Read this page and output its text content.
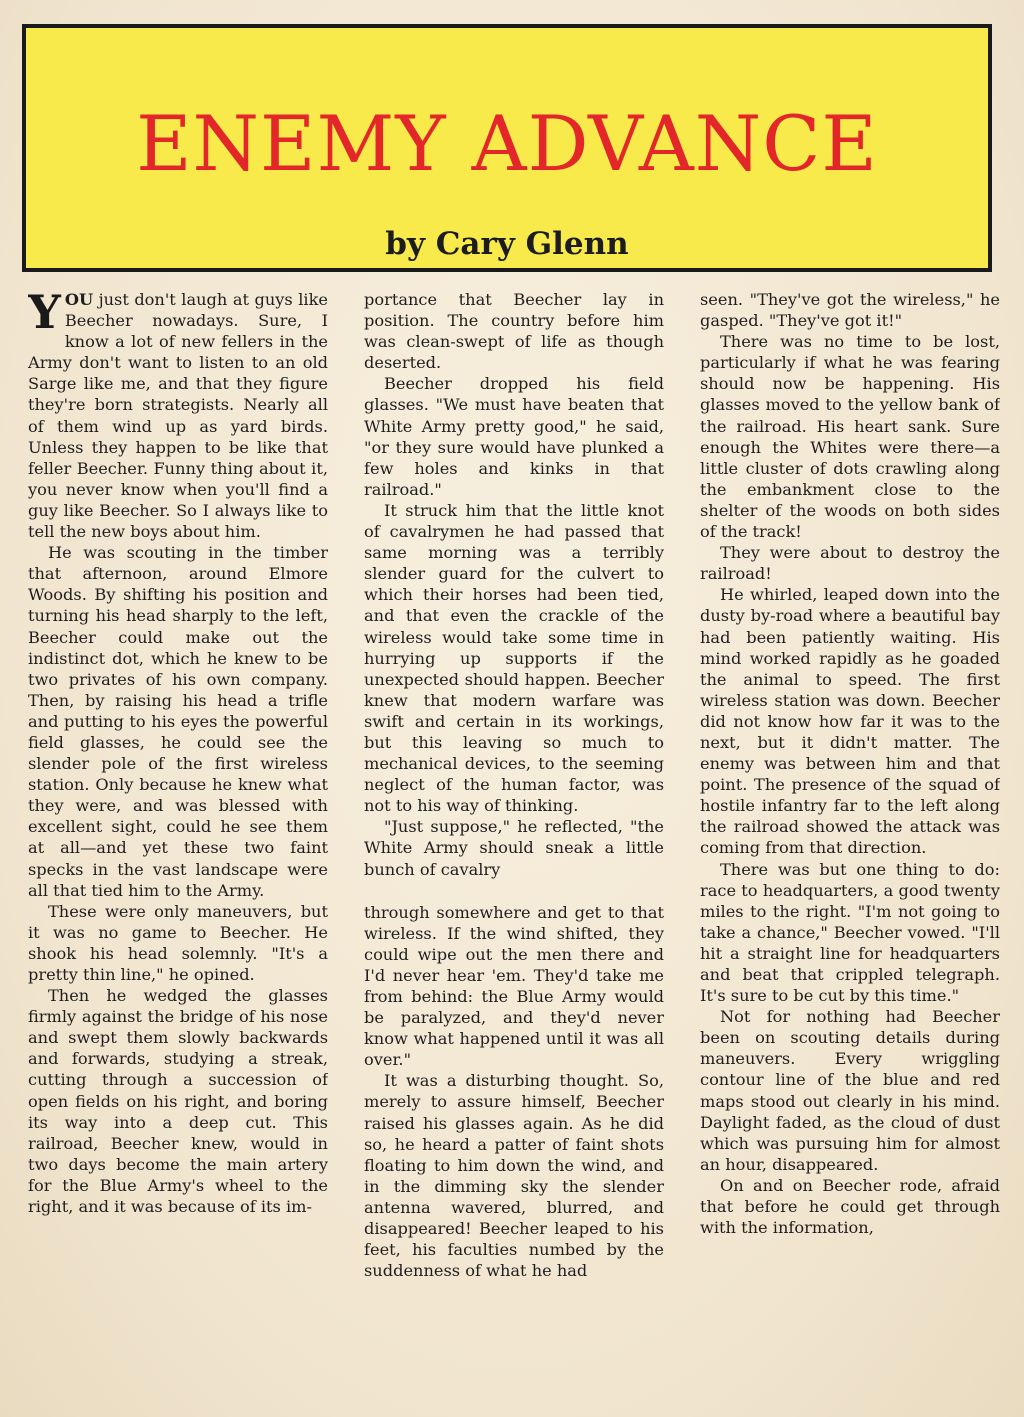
ENEMY ADVANCE
by Cary Glenn

YOU just don't laugh at guys like Beecher nowadays. Sure, I know a lot of new fellers in the Army don't want to listen to an old Sarge like me, and that they figure they're born strategists. Nearly all of them wind up as yard birds. Unless they happen to be like that feller Beecher. Funny thing about it, you never know when you'll find a guy like Beecher. So I always like to tell the new boys about him.

He was scouting in the timber that afternoon, around Elmore Woods. By shifting his position and turning his head sharply to the left, Beecher could make out the indistinct dot, which he knew to be two privates of his own company. Then, by raising his head a trifle and putting to his eyes the powerful field glasses, he could see the slender pole of the first wireless station. Only because he knew what they were, and was blessed with excellent sight, could he see them at all—and yet these two faint specks in the vast landscape were all that tied him to the Army.

These were only maneuvers, but it was no game to Beecher. He shook his head solemnly. "It's a pretty thin line," he opined.

Then he wedged the glasses firmly against the bridge of his nose and swept them slowly backwards and forwards, studying a streak, cutting through a succession of open fields on his right, and boring its way into a deep cut. This railroad, Beecher knew, would in two days become the main artery for the Blue Army's wheel to the right, and it was because of its im-

portance that Beecher lay in position. The country before him was clean-swept of life as though deserted.

Beecher dropped his field glasses. "We must have beaten that White Army pretty good," he said, "or they sure would have plunked a few holes and kinks in that railroad."

It struck him that the little knot of cavalrymen he had passed that same morning was a terribly slender guard for the culvert to which their horses had been tied, and that even the crackle of the wireless would take some time in hurrying up supports if the unexpected should happen. Beecher knew that modern warfare was swift and certain in its workings, but this leaving so much to mechanical devices, to the seeming neglect of the human factor, was not to his way of thinking.

"Just suppose," he reflected, "the White Army should sneak a little bunch of cavalry

through somewhere and get to that wireless. If the wind shifted, they could wipe out the men there and I'd never hear 'em. They'd take me from behind: the Blue Army would be paralyzed, and they'd never know what happened until it was all over."

It was a disturbing thought. So, merely to assure himself, Beecher raised his glasses again. As he did so, he heard a patter of faint shots floating to him down the wind, and in the dimming sky the slender antenna wavered, blurred, and disappeared! Beecher leaped to his feet, his faculties numbed by the suddenness of what he had

seen. "They've got the wireless," he gasped. "They've got it!"

There was no time to be lost, particularly if what he was fearing should now be happening. His glasses moved to the yellow bank of the railroad. His heart sank. Sure enough the Whites were there—a little cluster of dots crawling along the embankment close to the shelter of the woods on both sides of the track!

They were about to destroy the railroad!

He whirled, leaped down into the dusty by-road where a beautiful bay had been patiently waiting. His mind worked rapidly as he goaded the animal to speed. The first wireless station was down. Beecher did not know how far it was to the next, but it didn't matter. The enemy was between him and that point. The presence of the squad of hostile infantry far to the left along the railroad showed the attack was coming from that direction.

There was but one thing to do: race to headquarters, a good twenty miles to the right. "I'm not going to take a chance," Beecher vowed. "I'll hit a straight line for headquarters and beat that crippled telegraph. It's sure to be cut by this time."

Not for nothing had Beecher been on scouting details during maneuvers. Every wriggling contour line of the blue and red maps stood out clearly in his mind. Daylight faded, as the cloud of dust which was pursuing him for almost an hour, disappeared.

On and on Beecher rode, afraid that before he could get through with the information,
